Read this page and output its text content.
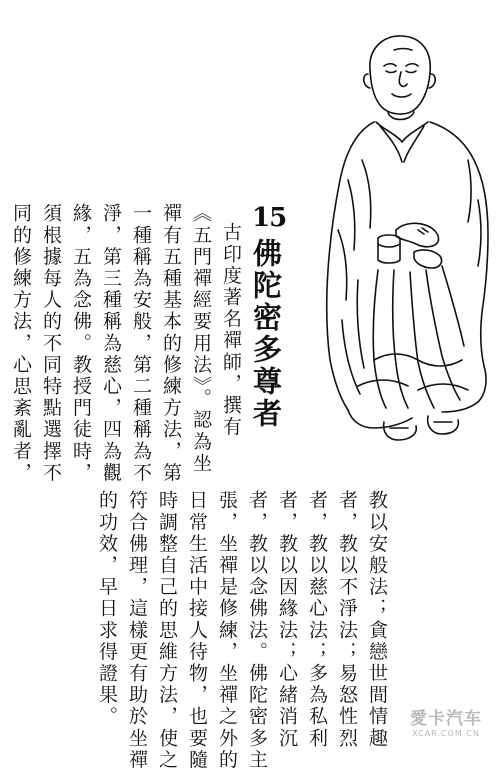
15
佛陀密多尊者
古印度著名禪師，撰有
《五門禪經要用法》。認為坐
禪有五種基本的修練方法，第
一種稱為安般，第二種稱為不
淨，第三種稱為慈心，四為觀
緣，五為念佛。教授門徒時，
須根據每人的不同特點選擇不
同的修練方法，心思紊亂者，
教以安般法；貪戀世間情趣
者，教以不淨法；易怒性烈
者，教以慈心法；多為私利
者，教以因緣法；心緒消沉
者，教以念佛法。佛陀密多主
張，坐禪是修練，坐禪之外的
日常生活中接人待物，也要隨
時調整自己的思維方法，使之
符合佛理，這樣更有助於坐禪
的功效，早日求得證果。	愛卡汽车
XCAR.COM.CN
